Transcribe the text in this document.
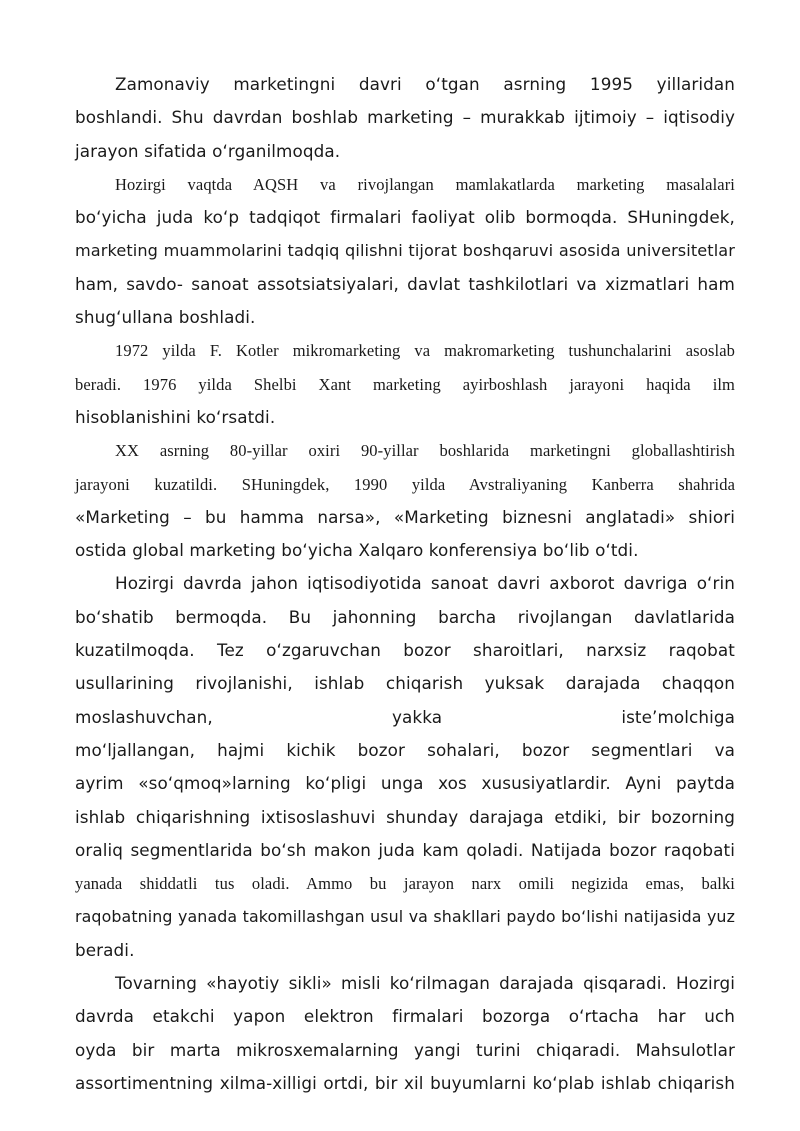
Zamonaviy marketingni davri o‘tgan asrning 1995 yillaridan
boshlandi. Shu davrdan boshlab marketing – murakkab ijtimoiy – iqtisodiy
jarayon sifatida o‘rganilmoqda.
Hozirgi vaqtda AQSH va rivojlangan mamlakatlarda marketing masalalari
bo‘yicha juda ko‘p tadqiqot firmalari faoliyat olib bormoqda. SHuningdek,
marketing muammolarini tadqiq qilishni tijorat boshqaruvi asosida universitetlar
ham, savdo- sanoat assotsiatsiyalari, davlat tashkilotlari va xizmatlari ham
shug‘ullana boshladi.
1972 yilda F. Kotler mikromarketing va makromarketing tushunchalarini asoslab
beradi. 1976 yilda Shelbi Xant marketing ayirboshlash jarayoni haqida ilm
hisoblanishini ko‘rsatdi.
XX asrning 80-yillar oxiri 90-yillar boshlarida marketingni globallashtirish
jarayoni kuzatildi. SHuningdek, 1990 yilda Avstraliyaning Kanberra shahrida
«Marketing – bu hamma narsa», «Marketing biznesni anglatadi» shiori
ostida global marketing bo‘yicha Xalqaro konferensiya bo‘lib o‘tdi.
Hozirgi davrda jahon iqtisodiyotida sanoat davri axborot davriga o‘rin
bo‘shatib bermoqda. Bu jahonning barcha rivojlangan davlatlarida
kuzatilmoqda. Tez o‘zgaruvchan bozor sharoitlari, narxsiz raqobat
usullarining rivojlanishi, ishlab chiqarish yuksak darajada chaqqon
moslashuvchan, yakka iste’molchiga
mo‘ljallangan, hajmi kichik bozor sohalari, bozor segmentlari va
ayrim «so‘qmoq»larning ko‘pligi unga xos xususiyatlardir. Ayni paytda
ishlab chiqarishning ixtisoslashuvi shunday darajaga etdiki, bir bozorning
oraliq segmentlarida bo‘sh makon juda kam qoladi. Natijada bozor raqobati
yanada shiddatli tus oladi. Ammo bu jarayon narx omili negizida emas, balki
raqobatning yanada takomillashgan usul va shakllari paydo bo‘lishi natijasida yuz
beradi.
Tovarning «hayotiy sikli» misli ko‘rilmagan darajada qisqaradi. Hozirgi
davrda etakchi yapon elektron firmalari bozorga o‘rtacha har uch
oyda bir marta mikrosxemalarning yangi turini chiqaradi. Mahsulotlar
assortimentning xilma-xilligi ortdi, bir xil buyumlarni ko‘plab ishlab chiqarish
